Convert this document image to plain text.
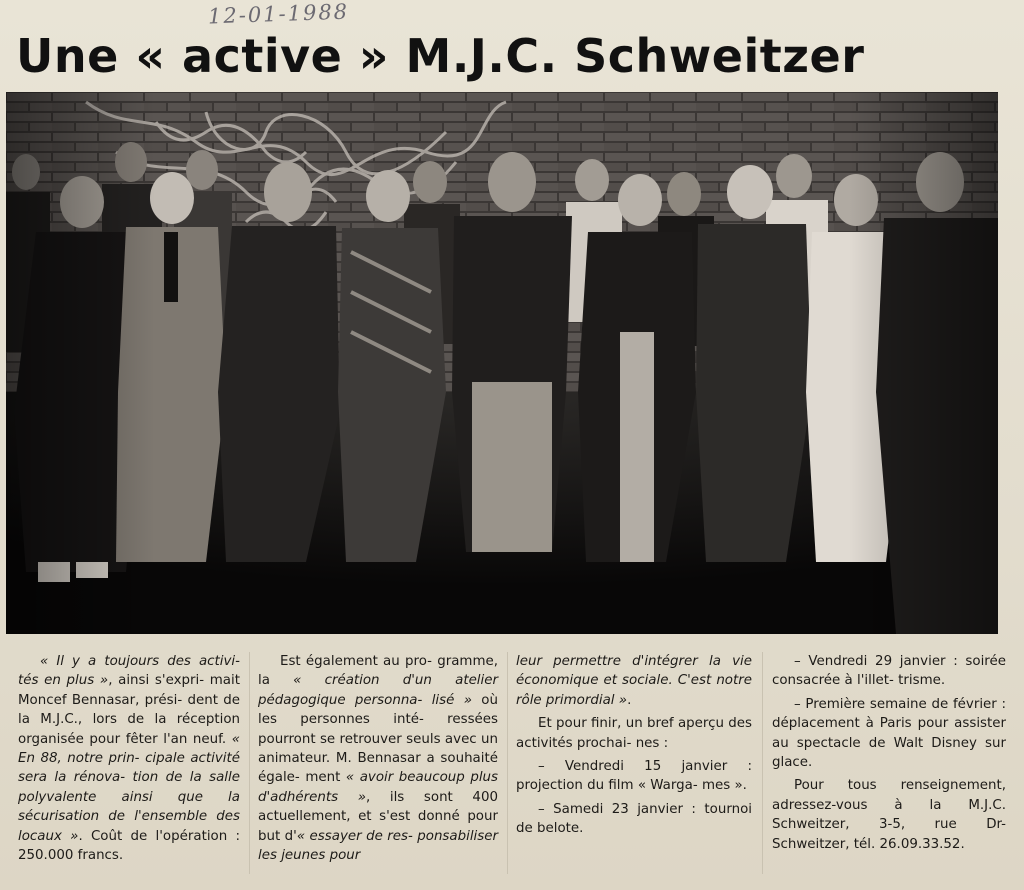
12-01-1988
Une « active » M.J.C. Schweitzer

« Il y a toujours des activi- tés en plus », ainsi s'expri- mait Moncef Bennasar, prési- dent de la M.J.C., lors de la réception organisée pour fêter l'an neuf. « En 88, notre prin- cipale activité sera la rénova- tion de la salle polyvalente ainsi que la sécurisation de l'ensemble des locaux ». Coût de l'opération : 250.000 francs.

Est également au pro- gramme, la « création d'un atelier pédagogique personna- lisé » où les personnes inté- ressées pourront se retrouver seuls avec un animateur. M. Bennasar a souhaité égale- ment « avoir beaucoup plus d'adhérents », ils sont 400 actuellement, et s'est donné pour but d'« essayer de res- ponsabiliser les jeunes pour

leur permettre d'intégrer la vie économique et sociale. C'est notre rôle primordial ».

Et pour finir, un bref aperçu des activités prochai- nes :

– Vendredi 15 janvier : projection du film « Warga- mes ».

– Samedi 23 janvier : tournoi de belote.

– Vendredi 29 janvier : soirée consacrée à l'illet- trisme.

– Première semaine de février : déplacement à Paris pour assister au spectacle de Walt Disney sur glace.

Pour tous renseignement, adressez-vous à la M.J.C. Schweitzer, 3-5, rue Dr- Schweitzer, tél. 26.09.33.52.
